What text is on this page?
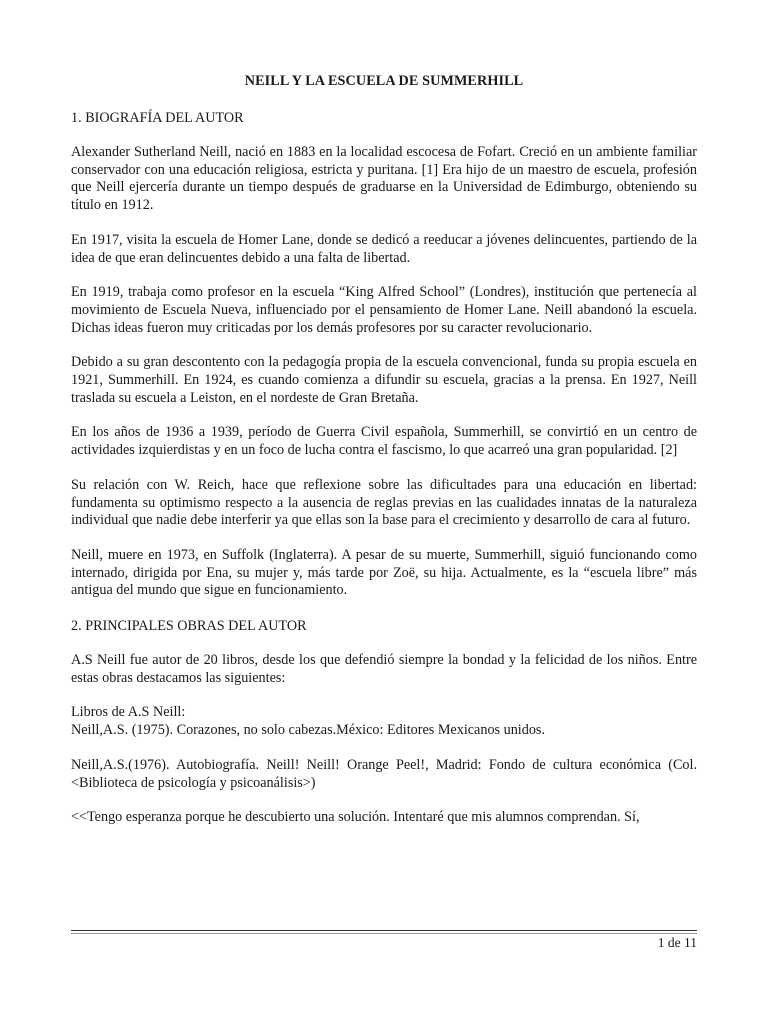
NEILL Y LA ESCUELA DE SUMMERHILL
1. BIOGRAFÍA DEL AUTOR

Alexander Sutherland Neill, nació en 1883 en la localidad escocesa de Fofart. Creció en un ambiente familiar conservador con una educación religiosa, estricta y puritana. [1] Era hijo de un maestro de escuela, profesión que Neill ejercería durante un tiempo después de graduarse en la Universidad de Edimburgo, obteniendo su título en 1912.

En 1917, visita la escuela de Homer Lane, donde se dedicó a reeducar a jóvenes delincuentes, partiendo de la idea de que eran delincuentes debido a una falta de libertad.

En 1919, trabaja como profesor en la escuela “King Alfred School” (Londres), institución que pertenecía al movimiento de Escuela Nueva, influenciado por el pensamiento de Homer Lane. Neill abandonó la escuela. Dichas ideas fueron muy criticadas por los demás profesores por su caracter revolucionario.

Debido a su gran descontento con la pedagogía propia de la escuela convencional, funda su propia escuela en 1921, Summerhill. En 1924, es cuando comienza a difundir su escuela, gracias a la prensa. En 1927, Neill traslada su escuela a Leiston, en el nordeste de Gran Bretaña.

En los años de 1936 a 1939, período de Guerra Civil española, Summerhill, se convirtió en un centro de actividades izquierdistas y en un foco de lucha contra el fascismo, lo que acarreó una gran popularidad. [2]

Su relación con W. Reich, hace que reflexione sobre las dificultades para una educación en libertad: fundamenta su optimismo respecto a la ausencia de reglas previas en las cualidades innatas de la naturaleza individual que nadie debe interferir ya que ellas son la base para el crecimiento y desarrollo de cara al futuro.

Neill, muere en 1973, en Suffolk (Inglaterra). A pesar de su muerte, Summerhill, siguió funcionando como internado, dirigida por Ena, su mujer y, más tarde por Zoë, su hija. Actualmente, es la “escuela libre” más antigua del mundo que sigue en funcionamiento.

2. PRINCIPALES OBRAS DEL AUTOR

A.S Neill fue autor de 20 libros, desde los que defendió siempre la bondad y la felicidad de los niños. Entre estas obras destacamos las siguientes:

Libros de A.S Neill:
Neill,A.S. (1975). Corazones, no solo cabezas.México: Editores Mexicanos unidos.

Neill,A.S.(1976). Autobiografía. Neill! Neill! Orange Peel!, Madrid: Fondo de cultura económica (Col. <Biblioteca de psicología y psicoanálisis>)

<<Tengo esperanza porque he descubierto una solución. Intentaré que mis alumnos comprendan. Sí,

1 de 11
